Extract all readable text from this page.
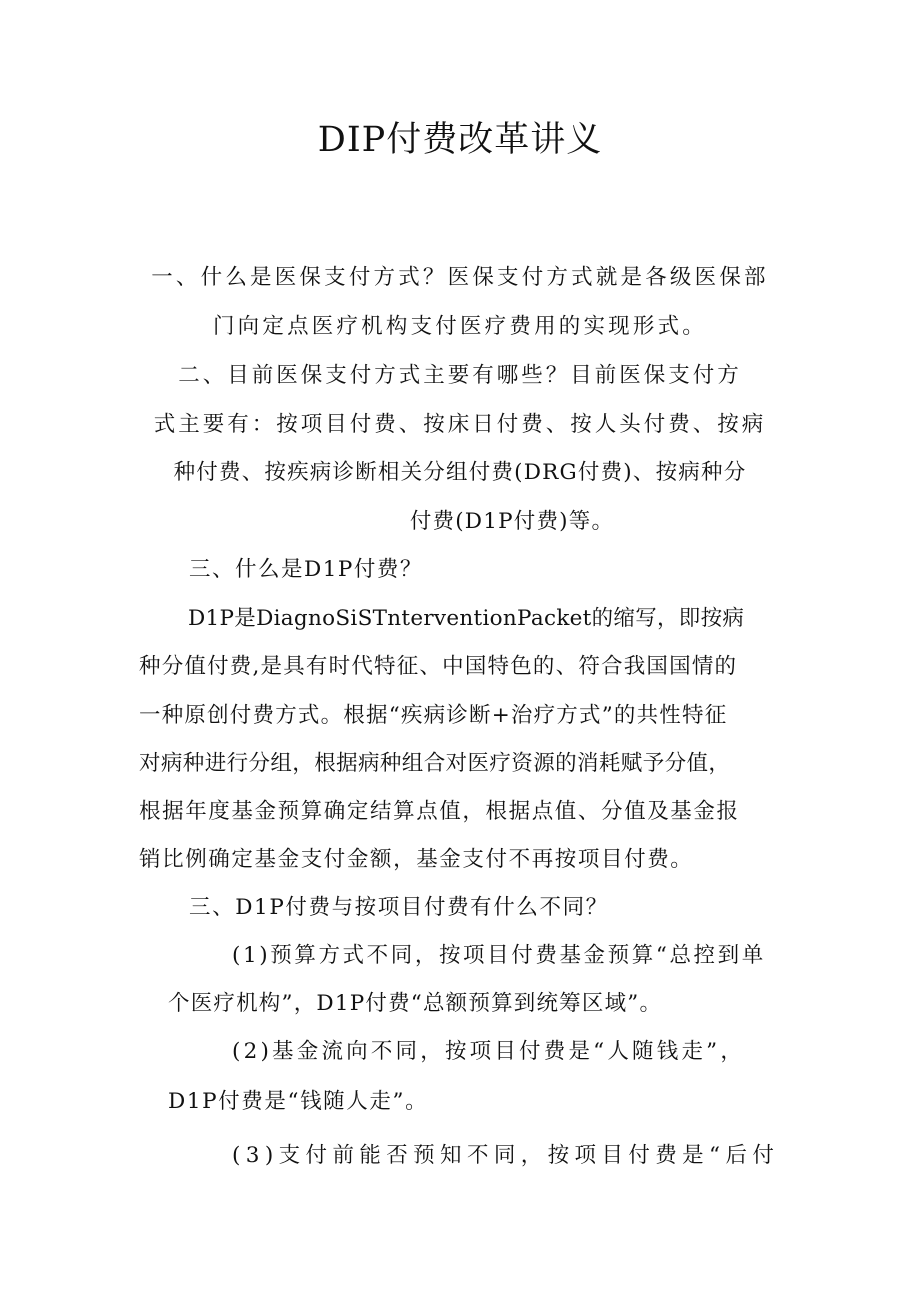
DIP付费改革讲义
一、什么是医保支付方式？医保支付方式就是各级医保部
门向定点医疗机构支付医疗费用的实现形式。
二、目前医保支付方式主要有哪些？目前医保支付方
式主要有：按项目付费、按床日付费、按人头付费、按病
种付费、按疾病诊断相关分组付费(DRG付费)、按病种分
付费(D1P付费)等。
三、什么是D1P付费？
D1P是DiagnoSiSTnterventionPacket的缩写，即按病
种分值付费,是具有时代特征、中国特色的、符合我国国情的
一种原创付费方式。根据“疾病诊断+治疗方式”的共性特征
对病种进行分组，根据病种组合对医疗资源的消耗赋予分值，
根据年度基金预算确定结算点值，根据点值、分值及基金报
销比例确定基金支付金额，基金支付不再按项目付费。
三、D1P付费与按项目付费有什么不同？
(1)预算方式不同，按项目付费基金预算“总控到单
个医疗机构”，D1P付费“总额预算到统筹区域”。
(2)基金流向不同，按项目付费是“人随钱走”，
D1P付费是“钱随人走”。
(3)支付前能否预知不同，按项目付费是“后付
